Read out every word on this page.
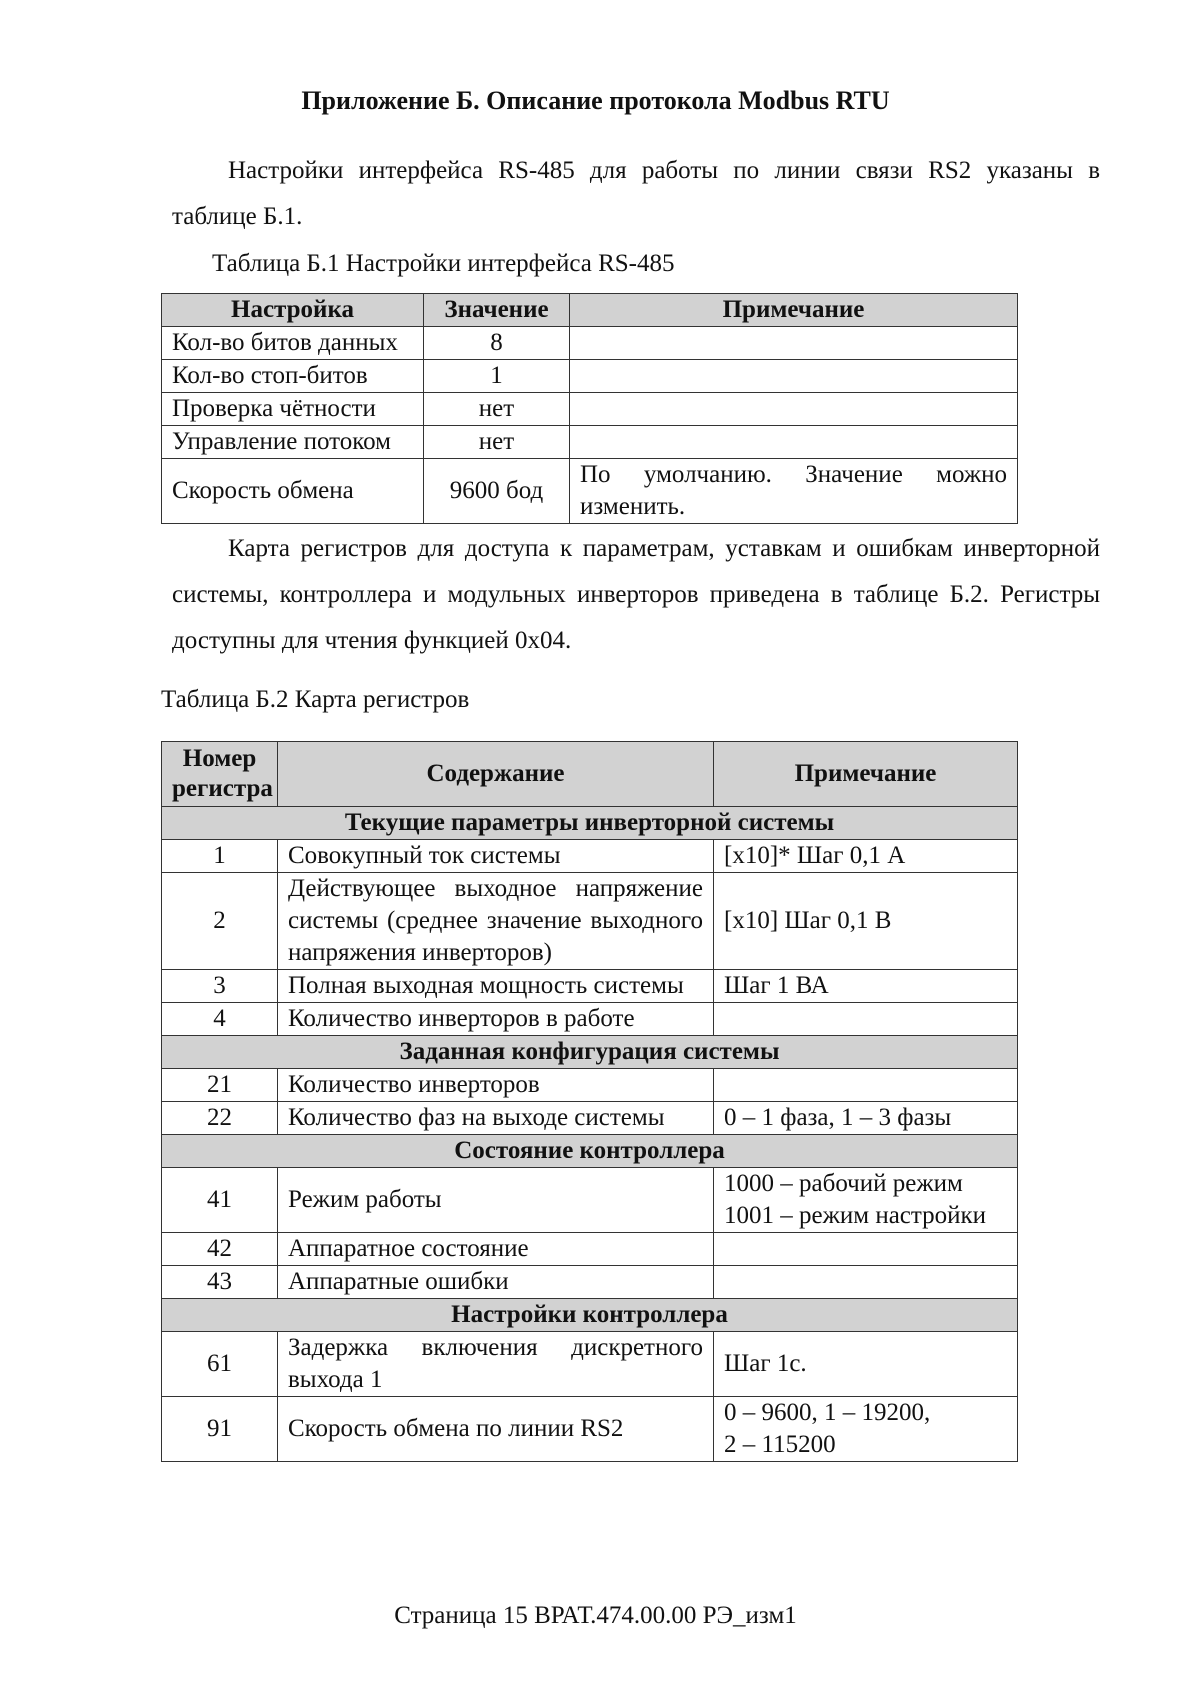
Приложение Б. Описание протокола Modbus RTU
Настройки интерфейса RS-485 для работы по линии связи RS2 указаны в таблице Б.1.
Таблица Б.1 Настройки интерфейса RS-485
Настройка	Значение	Примечание
Кол-во битов данных	8	
Кол-во стоп-битов	1	
Проверка чётности	нет	
Управление потоком	нет	
Скорость обмена	9600 бод	По умолчанию. Значение можно изменить.
Карта регистров для доступа к параметрам, уставкам и ошибкам инверторной системы, контроллера и модульных инверторов приведена в таблице Б.2. Регистры доступны для чтения функцией 0x04.
Таблица Б.2 Карта регистров
Номер регистра	Содержание	Примечание
Текущие параметры инверторной системы		
1	Совокупный ток системы	[x10]* Шаг 0,1 А
2	Действующее выходное напряжение системы (среднее значение выходного напряжения инверторов)	[x10] Шаг 0,1 В
3	Полная выходная мощность системы	Шаг 1 ВА
4	Количество инверторов в работе	
Заданная конфигурация системы		
21	Количество инверторов	
22	Количество фаз на выходе системы	0 – 1 фаза, 1 – 3 фазы
Состояние контроллера		
41	Режим работы	1000 – рабочий режим
1001 – режим настройки
42	Аппаратное состояние	
43	Аппаратные ошибки	
Настройки контроллера		
61	Задержка включения дискретного выхода 1	Шаг 1с.
91	Скорость обмена по линии RS2	0 – 9600, 1 – 19200,
2 – 115200
Страница 15 ВРАТ.474.00.00 РЭ_изм1
